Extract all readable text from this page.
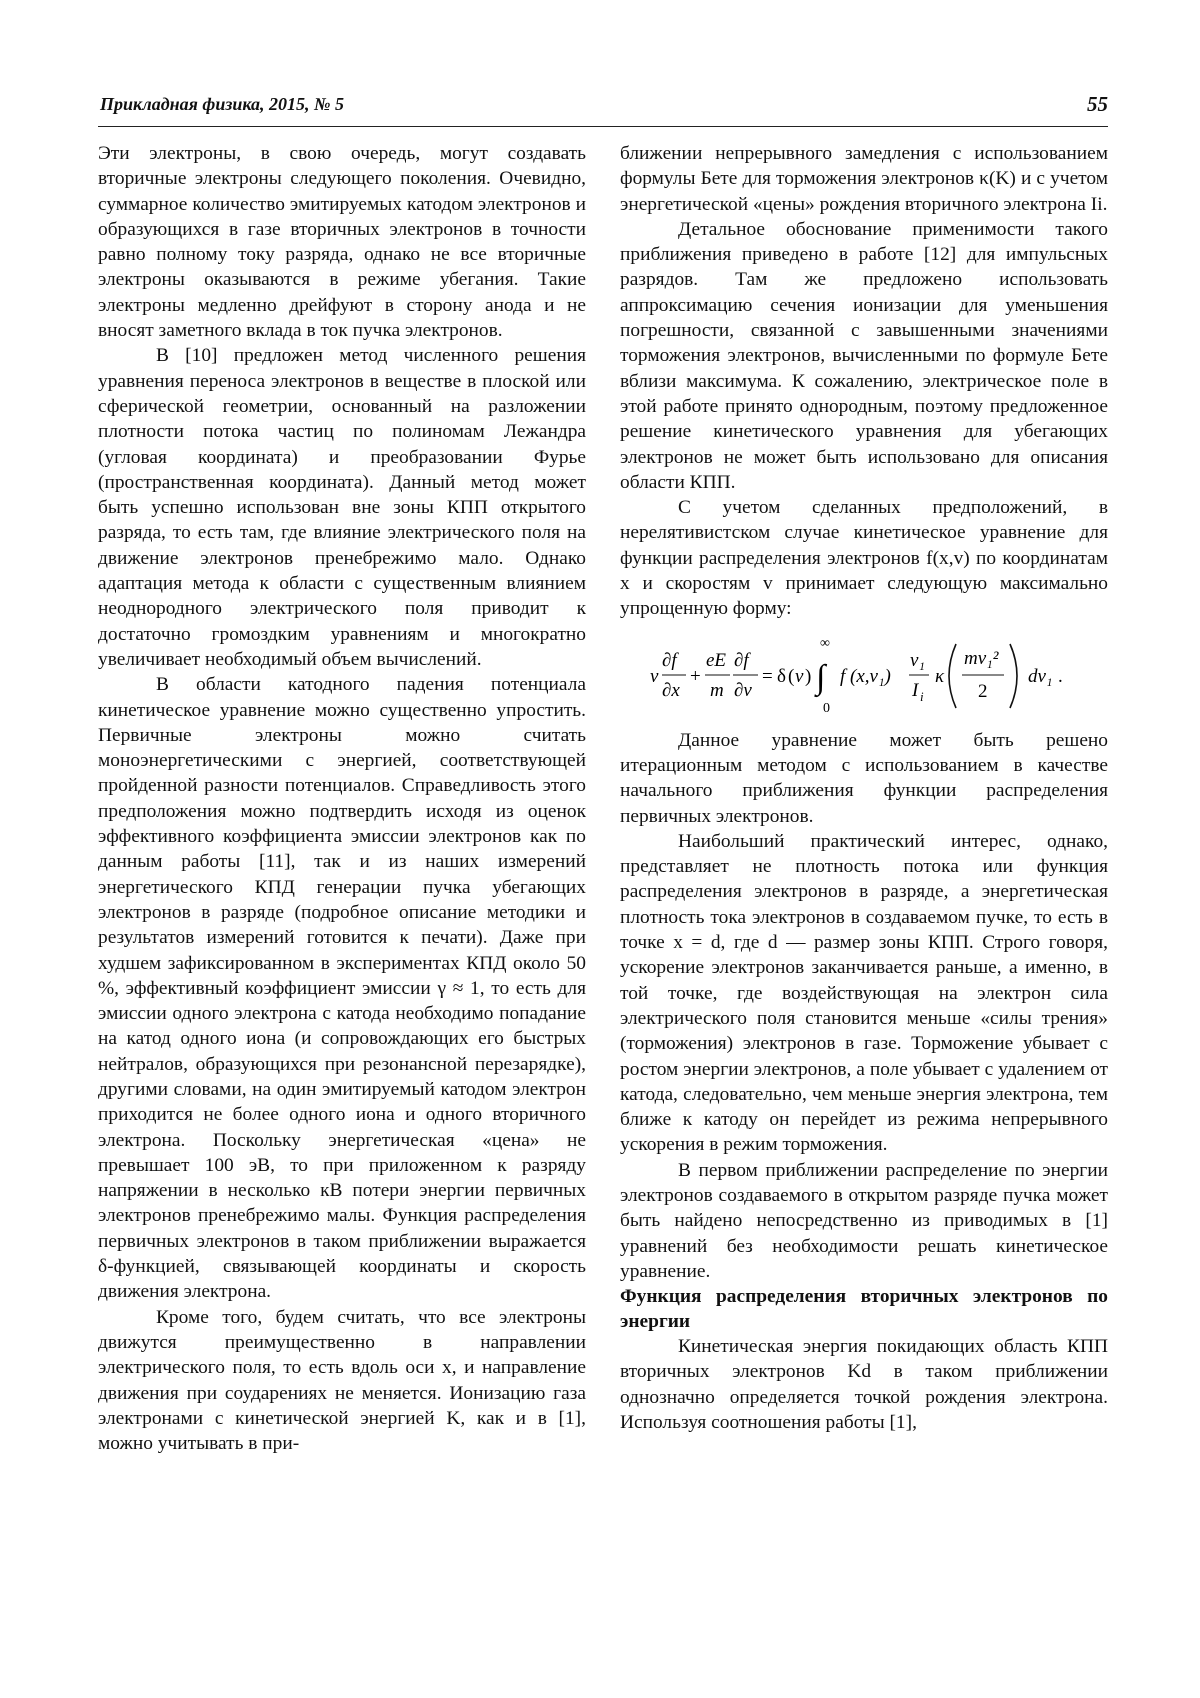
Прикладная физика, 2015, № 5	55

Эти электроны, в свою очередь, могут создавать вторичные электроны следующего поколения. Очевидно, суммарное количество эмитируемых катодом электронов и образующихся в газе вторичных электронов в точности равно полному току разряда, однако не все вторичные электроны оказываются в режиме убегания. Такие электроны медленно дрейфуют в сторону анода и не вносят заметного вклада в ток пучка электронов.

В [10] предложен метод численного решения уравнения переноса электронов в веществе в плоской или сферической геометрии, основанный на разложении плотности потока частиц по полиномам Лежандра (угловая координата) и преобразовании Фурье (пространственная координата). Данный метод может быть успешно использован вне зоны КПП открытого разряда, то есть там, где влияние электрического поля на движение электронов пренебрежимо мало. Однако адаптация метода к области с существенным влиянием неоднородного электрического поля приводит к достаточно громоздким уравнениям и многократно увеличивает необходимый объем вычислений.

В области катодного падения потенциала кинетическое уравнение можно существенно упростить. Первичные электроны можно считать моноэнергетическими с энергией, соответствующей пройденной разности потенциалов. Справедливость этого предположения можно подтвердить исходя из оценок эффективного коэффициента эмиссии электронов как по данным работы [11], так и из наших измерений энергетического КПД генерации пучка убегающих электронов в разряде (подробное описание методики и результатов измерений готовится к печати). Даже при худшем зафиксированном в экспериментах КПД около 50 %, эффективный коэффициент эмиссии γ ≈ 1, то есть для эмиссии одного электрона с катода необходимо попадание на катод одного иона (и сопровождающих его быстрых нейтралов, образующихся при резонансной перезарядке), другими словами, на один эмитируемый катодом электрон приходится не более одного иона и одного вторичного электрона. Поскольку энергетическая «цена» не превышает 100 эВ, то при приложенном к разряду напряжении в несколько кВ потери энергии первичных электронов пренебрежимо малы. Функция распределения первичных электронов в таком приближении выражается δ-функцией, связывающей координаты и скорость движения электрона.

Кроме того, будем считать, что все электроны движутся преимущественно в направлении электрического поля, то есть вдоль оси x, и направление движения при соударениях не меняется. Ионизацию газа электронами с кинетической энергией K, как и в [1], можно учитывать в при-

ближении непрерывного замедления с использованием формулы Бете для торможения электронов κ(K) и с учетом энергетической «цены» рождения вторичного электрона Ii.

Детальное обоснование применимости такого приближения приведено в работе [12] для импульсных разрядов. Там же предложено использовать аппроксимацию сечения ионизации для уменьшения погрешности, связанной с завышенными значениями торможения электронов, вычисленными по формуле Бете вблизи максимума. К сожалению, электрическое поле в этой работе принято однородным, поэтому предложенное решение кинетического уравнения для убегающих электронов не может быть использовано для описания области КПП.

С учетом сделанных предположений, в нерелятивистском случае кинетическое уравнение для функции распределения электронов f(x,v) по координатам x и скоростям v принимает следующую максимально упрощенную форму:

v
∂f
∂x
+
eE
m
∂f
∂v
= δ ( v )
∞
∫
0
f (x,v₁)
v₁
I i
κ
mv₁²
2
dv₁ .

Данное уравнение может быть решено итерационным методом с использованием в качестве начального приближения функции распределения первичных электронов.

Наибольший практический интерес, однако, представляет не плотность потока или функция распределения электронов в разряде, а энергетическая плотность тока электронов в создаваемом пучке, то есть в точке x = d, где d — размер зоны КПП. Строго говоря, ускорение электронов заканчивается раньше, а именно, в той точке, где воздействующая на электрон сила электрического поля становится меньше «силы трения» (торможения) электронов в газе. Торможение убывает с ростом энергии электронов, а поле убывает с удалением от катода, следовательно, чем меньше энергия электрона, тем ближе к катоду он перейдет из режима непрерывного ускорения в режим торможения.

В первом приближении распределение по энергии электронов создаваемого в открытом разряде пучка может быть найдено непосредственно из приводимых в [1] уравнений без необходимости решать кинетическое уравнение.

Функция распределения вторичных электронов по энергии

Кинетическая энергия покидающих область КПП вторичных электронов Kd в таком приближении однозначно определяется точкой рождения электрона. Используя соотношения работы [1],
